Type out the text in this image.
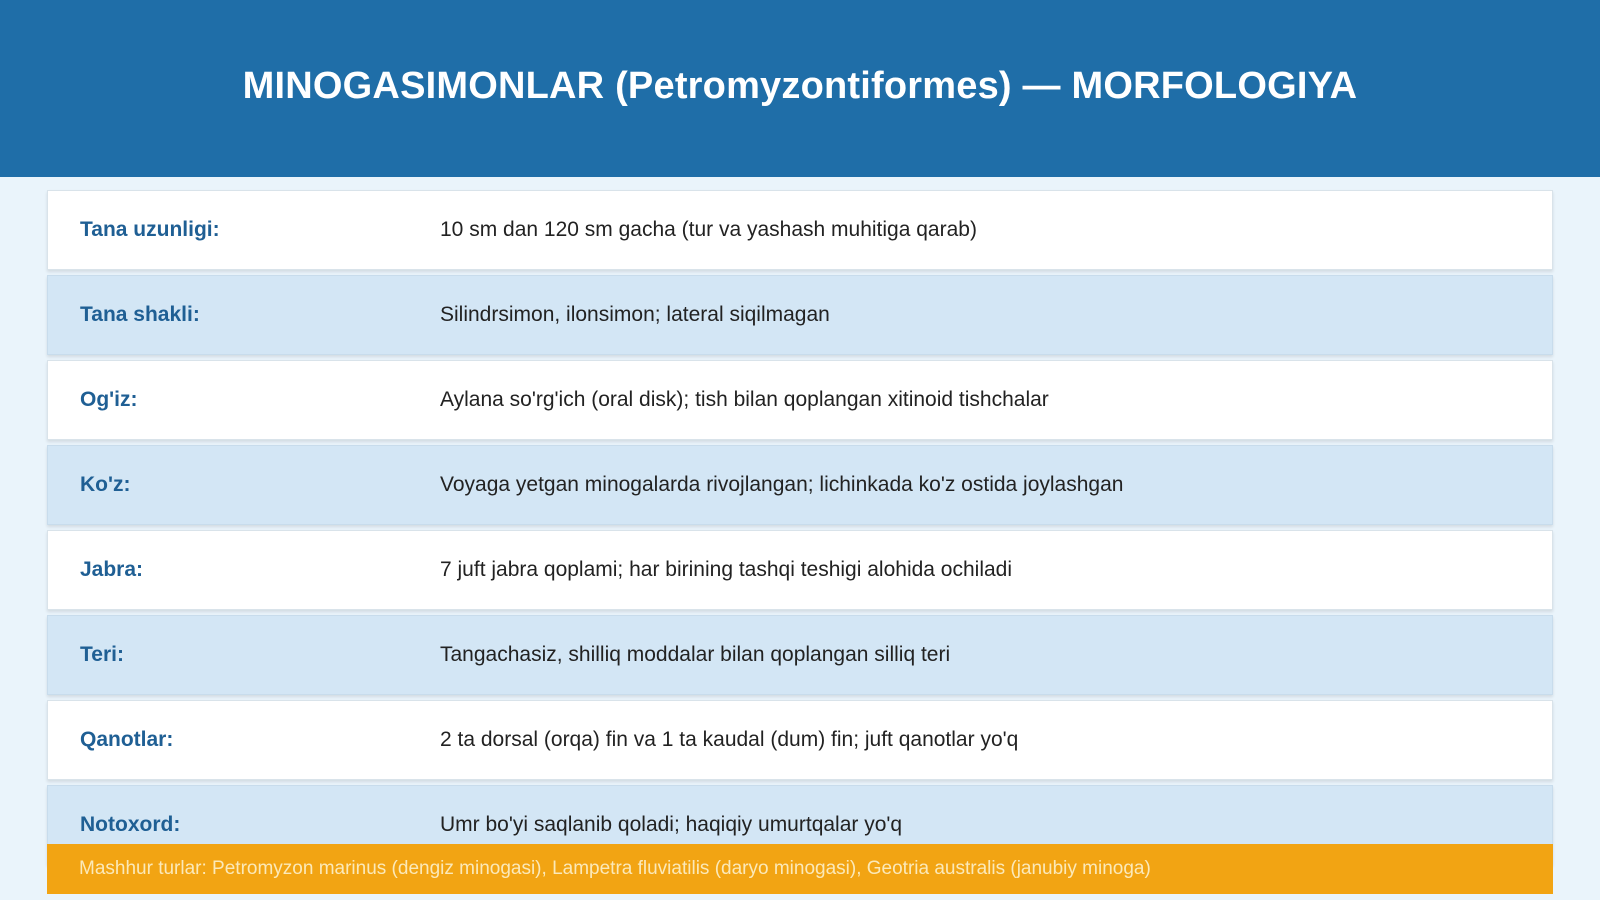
MINOGASIMONLAR (Petromyzontiformes) — MORFOLOGIYA
Tana uzunligi:	10 sm dan 120 sm gacha (tur va yashash muhitiga qarab)
Tana shakli:	Silindrsimon, ilonsimon; lateral siqilmagan
Og'iz:	Aylana so'rg'ich (oral disk); tish bilan qoplangan xitinoid tishchalar
Ko'z:	Voyaga yetgan minogalarda rivojlangan; lichinkada ko'z ostida joylashgan
Jabra:	7 juft jabra qoplami; har birining tashqi teshigi alohida ochiladi
Teri:	Tangachasiz, shilliq moddalar bilan qoplangan silliq teri
Qanotlar:	2 ta dorsal (orqa) fin va 1 ta kaudal (dum) fin; juft qanotlar yo'q
Notoxord:	Umr bo'yi saqlanib qoladi; haqiqiy umurtqalar yo'q
Mashhur turlar: Petromyzon marinus (dengiz minogasi), Lampetra fluviatilis (daryo minogasi), Geotria australis (janubiy minoga)
